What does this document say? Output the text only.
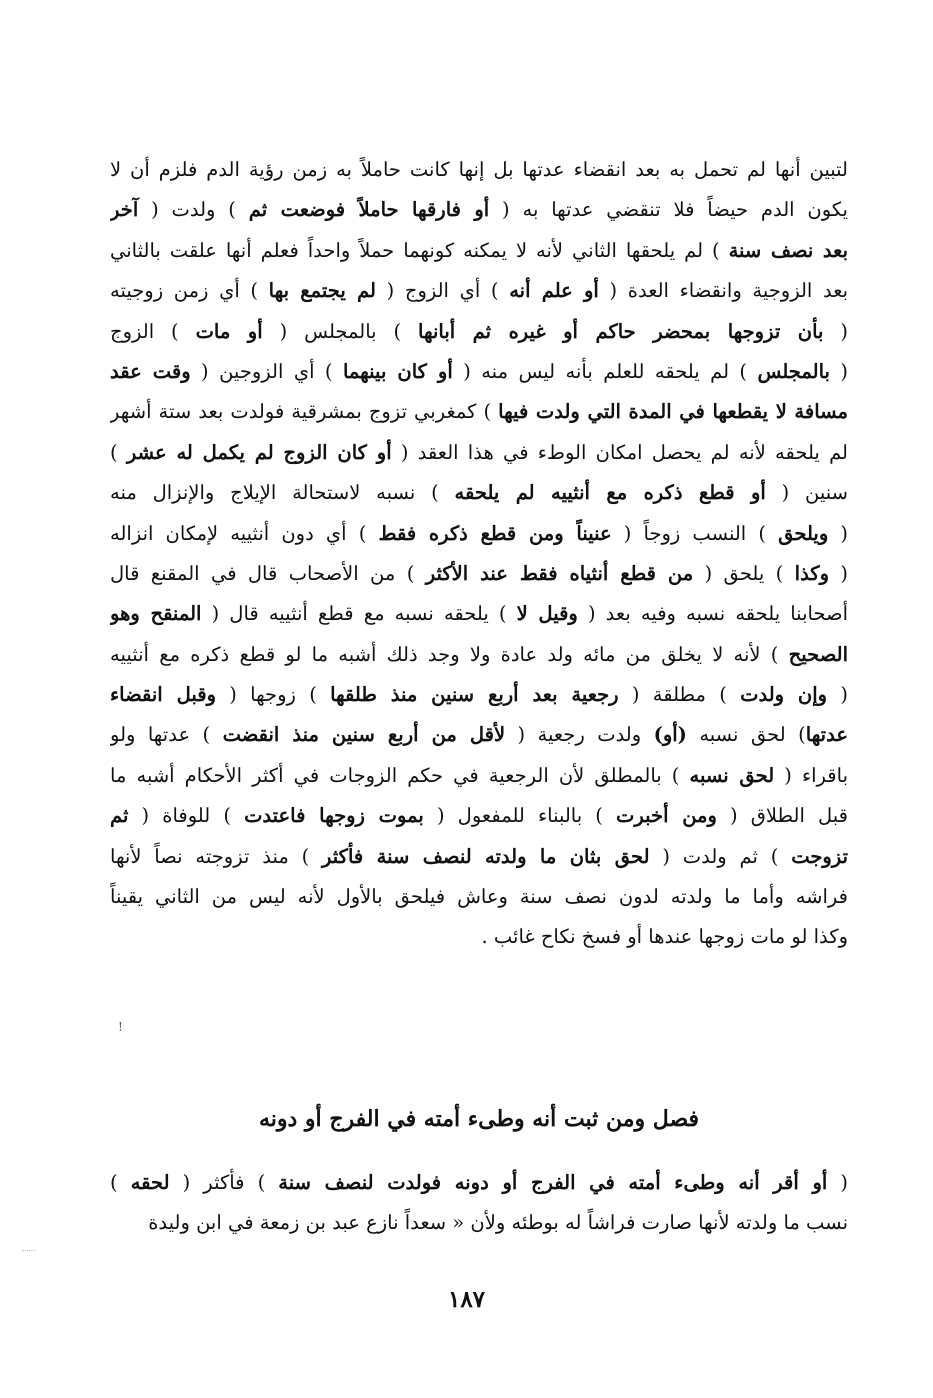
لتبين أنها لم تحمل به بعد انقضاء عدتها بل إنها كانت حاملاً به زمن رؤية الدم فلزم أن لا
يكون الدم حيضاً فلا تنقضي عدتها به ( أو فارقها حاملاً فوضعت ثم ) ولدت ( آخر
بعد نصف سنة ) لم يلحقها الثاني لأنه لا يمكنه كونهما حملاً واحداً فعلم أنها علقت بالثاني
بعد الزوجية وانقضاء العدة ( أو علم أنه ) أي الزوج ( لم يجتمع بها ) أي زمن زوجيته
( بأن تزوجها بمحضر حاكم أو غيره ثم أبانها ) بالمجلس ( أو مات ) الزوج
( بالمجلس ) لم يلحقه للعلم بأنه ليس منه ( أو كان بينهما ) أي الزوجين ( وقت عقد
مسافة لا يقطعها في المدة التي ولدت فيها ) كمغربي تزوج بمشرقية فولدت بعد ستة أشهر
لم يلحقه لأنه لم يحصل امكان الوطء في هذا العقد ( أو كان الزوج لم يكمل له عشر )
سنين ( أو قطع ذكره مع أنثييه لم يلحقه ) نسبه لاستحالة الإيلاج والإنزال منه
( ويلحق ) النسب زوجاً ( عنيناً ومن قطع ذكره فقط ) أي دون أنثييه لإمكان انزاله
( وكذا ) يلحق ( من قطع أنثياه فقط عند الأكثر ) من الأصحاب قال في المقنع قال
أصحابنا يلحقه نسبه وفيه بعد ( وقيل لا ) يلحقه نسبه مع قطع أنثييه قال ( المنقح وهو
الصحيح ) لأنه لا يخلق من مائه ولد عادة ولا وجد ذلك أشبه ما لو قطع ذكره مع أنثييه
( وإن ولدت ) مطلقة ( رجعية بعد أربع سنين منذ طلقها ) زوجها ( وقبل انقضاء
عدتها) لحق نسبه (أو) ولدت رجعية ( لأقل من أربع سنين منذ انقضت ) عدتها ولو
باقراء ( لحق نسبه ) بالمطلق لأن الرجعية في حكم الزوجات في أكثر الأحكام أشبه ما
قبل الطلاق ( ومن أخبرت ) بالبناء للمفعول ( بموت زوجها فاعتدت ) للوفاة ( ثم
تزوجت ) ثم ولدت ( لحق بثان ما ولدته لنصف سنة فأكثر ) منذ تزوجته نصاً لأنها
فراشه وأما ما ولدته لدون نصف سنة وعاش فيلحق بالأول لأنه ليس من الثاني يقيناً
وكذا لو مات زوجها عندها أو فسخ نكاح غائب .
فصل ومن ثبت أنه وطىء أمته في الفرج أو دونه
( أو أقر أنه وطىء أمته في الفرج أو دونه فولدت لنصف سنة ) فأكثر ( لحقه )
نسب ما ولدته لأنها صارت فراشاً له بوطئه ولأن « سعداً نازع عبد بن زمعة في ابن وليدة
١٨٧
!
